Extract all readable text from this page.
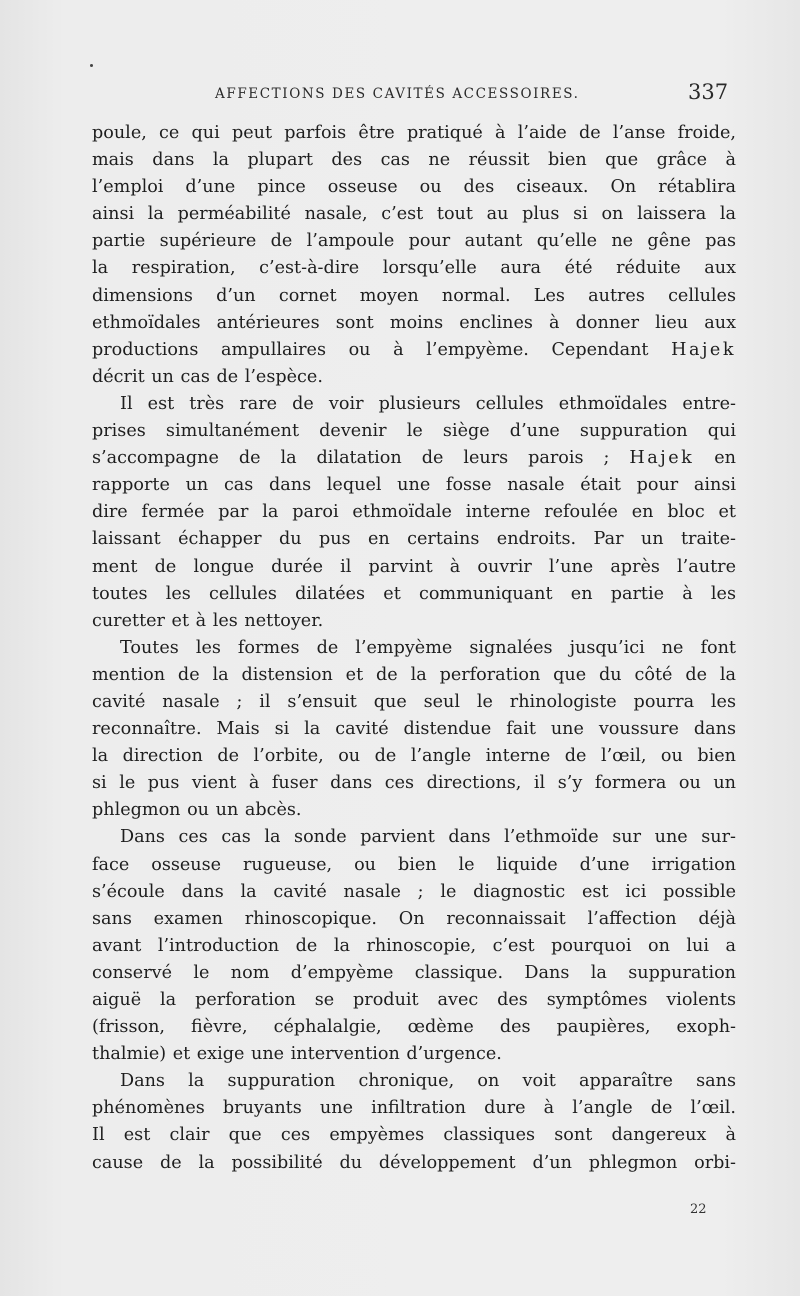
AFFECTIONS DES CAVITÉS ACCESSOIRES.	337
poule, ce qui peut parfois être pratiqué à l’aide de l’anse froide,
mais dans la plupart des cas ne réussit bien que grâce à
l’emploi d’une pince osseuse ou des ciseaux. On rétablira
ainsi la perméabilité nasale, c’est tout au plus si on laissera la
partie supérieure de l’ampoule pour autant qu’elle ne gêne pas
la respiration, c’est-à-dire lorsqu’elle aura été réduite aux
dimensions d’un cornet moyen normal. Les autres cellules
ethmoïdales antérieures sont moins enclines à donner lieu aux
productions ampullaires ou à l’empyème. Cependant Hajek
décrit un cas de l’espèce.
Il est très rare de voir plusieurs cellules ethmoïdales entre-
prises simultanément devenir le siège d’une suppuration qui
s’accompagne de la dilatation de leurs parois ; Hajek en
rapporte un cas dans lequel une fosse nasale était pour ainsi
dire fermée par la paroi ethmoïdale interne refoulée en bloc et
laissant échapper du pus en certains endroits. Par un traite-
ment de longue durée il parvint à ouvrir l’une après l’autre
toutes les cellules dilatées et communiquant en partie à les
curetter et à les nettoyer.
Toutes les formes de l’empyème signalées jusqu’ici ne font
mention de la distension et de la perforation que du côté de la
cavité nasale ; il s’ensuit que seul le rhinologiste pourra les
reconnaître. Mais si la cavité distendue fait une voussure dans
la direction de l’orbite, ou de l’angle interne de l’œil, ou bien
si le pus vient à fuser dans ces directions, il s’y formera ou un
phlegmon ou un abcès.
Dans ces cas la sonde parvient dans l’ethmoïde sur une sur-
face osseuse rugueuse, ou bien le liquide d’une irrigation
s’écoule dans la cavité nasale ; le diagnostic est ici possible
sans examen rhinoscopique. On reconnaissait l’affection déjà
avant l’introduction de la rhinoscopie, c’est pourquoi on lui a
conservé le nom d’empyème classique. Dans la suppuration
aiguë la perforation se produit avec des symptômes violents
(frisson, fièvre, céphalalgie, œdème des paupières, exoph-
thalmie) et exige une intervention d’urgence.
Dans la suppuration chronique, on voit apparaître sans
phénomènes bruyants une infiltration dure à l’angle de l’œil.
Il est clair que ces empyèmes classiques sont dangereux à
cause de la possibilité du développement d’un phlegmon orbi-
22
